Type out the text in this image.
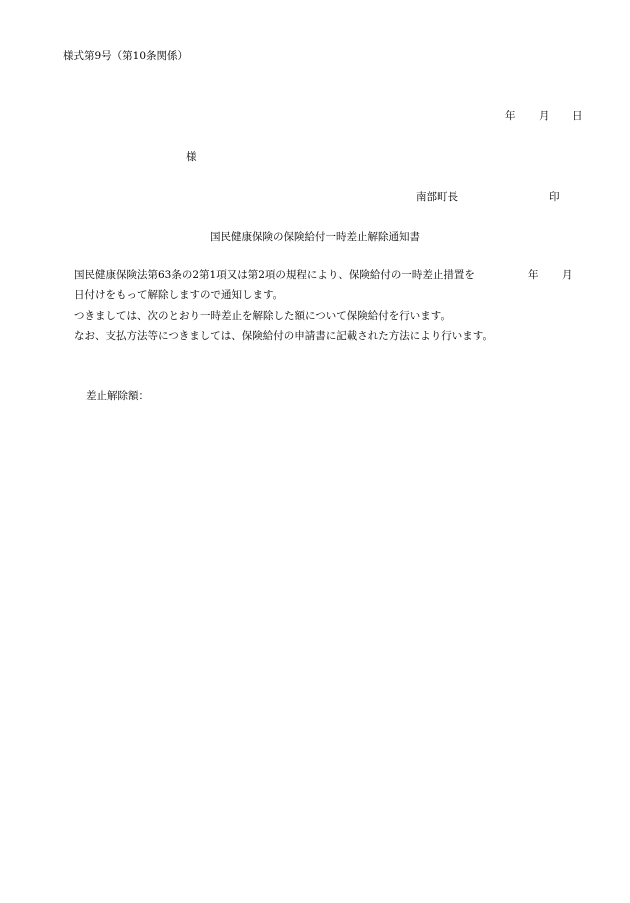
様式第9号（第10条関係）
年 月 日
様
南部町長	印
国民健康保険の保険給付一時差止解除通知書
国民健康保険法第63条の2第1項又は第2項の規程により、保険給付の一時差止措置を	年 月
日付けをもって解除しますので通知します。
つきましては、次のとおり一時差止を解除した額について保険給付を行います。
なお、支払方法等につきましては、保険給付の申請書に記載された方法により行います。
差止解除額：
